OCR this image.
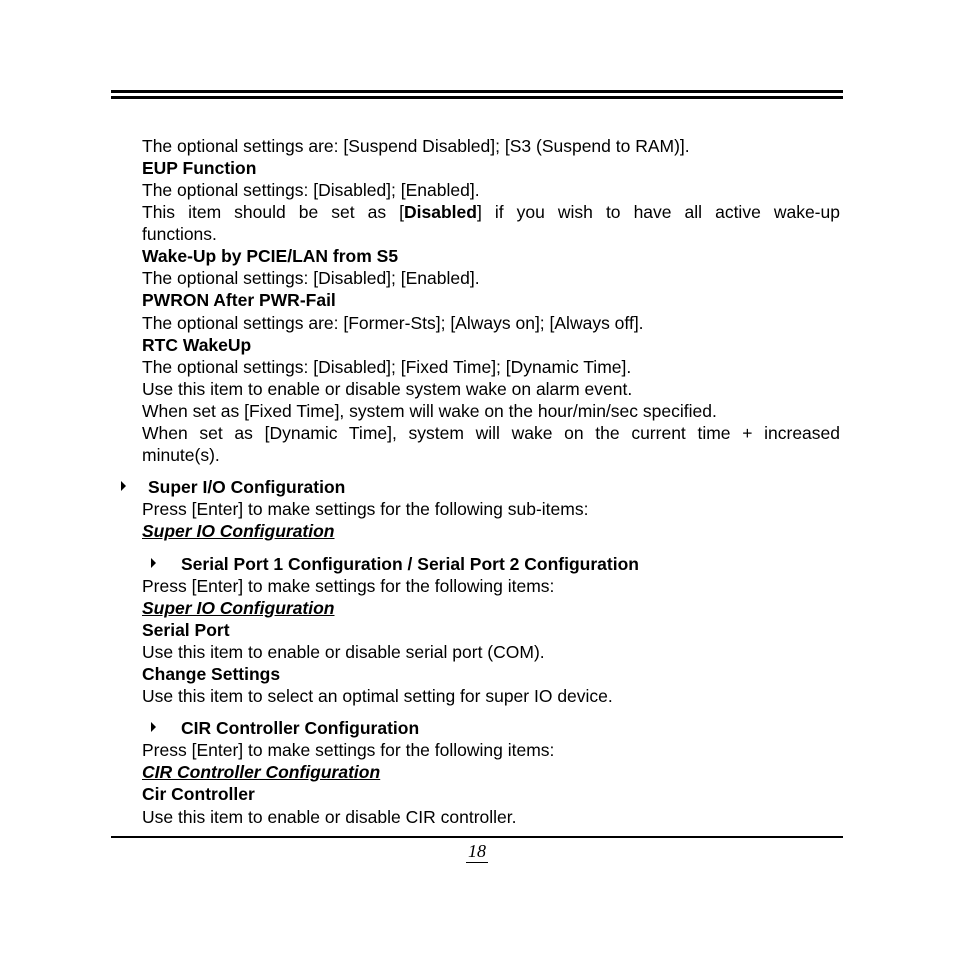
The optional settings are: [Suspend Disabled]; [S3 (Suspend to RAM)].
EUP Function
The optional settings: [Disabled]; [Enabled].
This item should be set as [Disabled] if you wish to have all active wake-up
functions.
Wake-Up by PCIE/LAN from S5
The optional settings: [Disabled]; [Enabled].
PWRON After PWR-Fail
The optional settings are: [Former-Sts]; [Always on]; [Always off].
RTC WakeUp
The optional settings: [Disabled]; [Fixed Time]; [Dynamic Time].
Use this item to enable or disable system wake on alarm event.
When set as [Fixed Time], system will wake on the hour/min/sec specified.
When set as [Dynamic Time], system will wake on the current time + increased
minute(s).
Super I/O Configuration
Press [Enter] to make settings for the following sub-items:
Super IO Configuration
Serial Port 1 Configuration / Serial Port 2 Configuration
Press [Enter] to make settings for the following items:
Super IO Configuration
Serial Port
Use this item to enable or disable serial port (COM).
Change Settings
Use this item to select an optimal setting for super IO device.
CIR Controller Configuration
Press [Enter] to make settings for the following items:
CIR Controller Configuration
Cir Controller
Use this item to enable or disable CIR controller.
18
